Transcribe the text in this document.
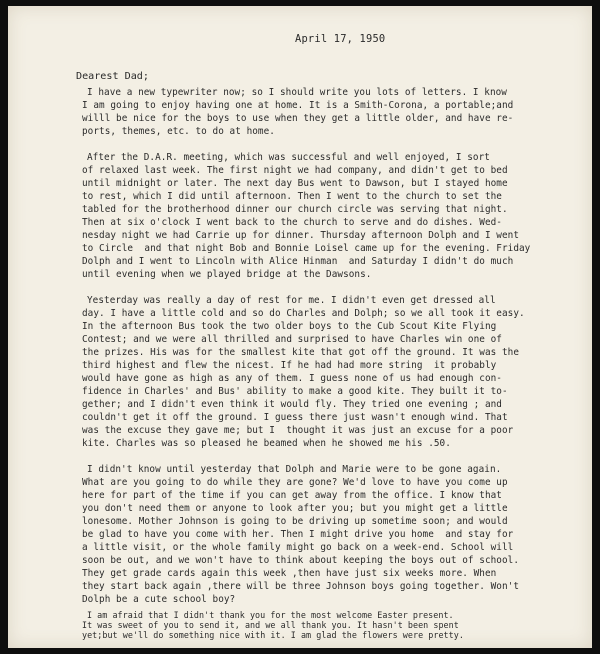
April 17, 1950
Dearest Dad;
I have a new typewriter now; so I should write you lots of letters. I know
I am going to enjoy having one at home. It is a Smith-Corona, a portable;and
willl be nice for the boys to use when they get a little older, and have re-
ports, themes, etc. to do at home.
After the D.A.R. meeting, which was successful and well enjoyed, I sort
of relaxed last week. The first night we had company, and didn't get to bed
until midnight or later. The next day Bus went to Dawson, but I stayed home
to rest, which I did until afternoon. Then I went to the church to set the
tabled for the brotherhood dinner our church circle was serving that night.
Then at six o'clock I went back to the church to serve and do dishes. Wed-
nesday night we had Carrie up for dinner. Thursday afternoon Dolph and I went
to Circle  and that night Bob and Bonnie Loisel came up for the evening. Friday
Dolph and I went to Lincoln with Alice Hinman  and Saturday I didn't do much
until evening when we played bridge at the Dawsons.
Yesterday was really a day of rest for me. I didn't even get dressed all
day. I have a little cold and so do Charles and Dolph; so we all took it easy.
In the afternoon Bus took the two older boys to the Cub Scout Kite Flying
Contest; and we were all thrilled and surprised to have Charles win one of
the prizes. His was for the smallest kite that got off the ground. It was the
third highest and flew the nicest. If he had had more string  it probably
would have gone as high as any of them. I guess none of us had enough con-
fidence in Charles' and Bus' ability to make a good kite. They built it to-
gether; and I didn't even think it would fly. They tried one evening ; and
couldn't get it off the ground. I guess there just wasn't enough wind. That
was the excuse they gave me; but I  thought it was just an excuse for a poor
kite. Charles was so pleased he beamed when he showed me his .50.
I didn't know until yesterday that Dolph and Marie were to be gone again.
What are you going to do while they are gone? We'd love to have you come up
here for part of the time if you can get away from the office. I know that
you don't need them or anyone to look after you; but you might get a little
lonesome. Mother Johnson is going to be driving up sometime soon; and would
be glad to have you come with her. Then I might drive you home  and stay for
a little visit, or the whole family might go back on a week-end. School will
soon be out, and we won't have to think about keeping the boys out of school.
They get grade cards again this week ,then have just six weeks more. When
they start back again ,there will be three Johnson boys going together. Won't
Dolph be a cute school boy?
I am afraid that I didn't thank you for the most welcome Easter present.
It was sweet of you to send it, and we all thank you. It hasn't been spent
yet;but we'll do something nice with it. I am glad the flowers were pretty.
